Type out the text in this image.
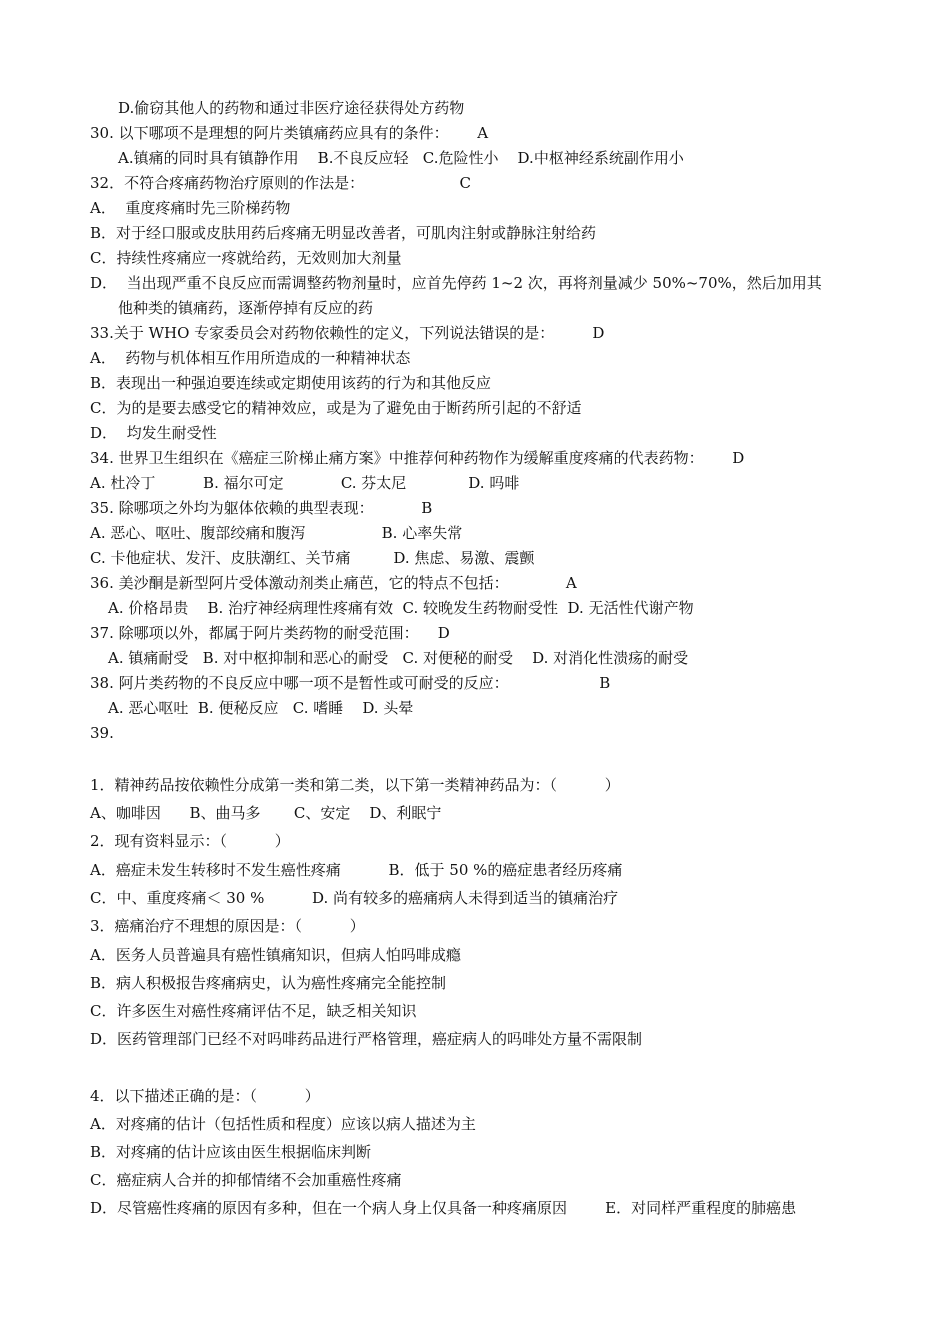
D.偷窃其他人的药物和通过非医疗途径获得处方药物
30. 以下哪项不是理想的阿片类镇痛药应具有的条件：      A
A.镇痛的同时具有镇静作用    B.不良反应轻   C.危险性小    D.中枢神经系统副作用小
32．不符合疼痛药物治疗原则的作法是：                    C
A．  重度疼痛时先三阶梯药物
B．对于经口服或皮肤用药后疼痛无明显改善者，可肌肉注射或静脉注射给药
C．持续性疼痛应一疼就给药，无效则加大剂量
D．  当出现严重不良反应而需调整药物剂量时，应首先停药 1~2 次，再将剂量减少 50%~70%，然后加用其
他种类的镇痛药，逐渐停掉有反应的药
33.关于 WHO 专家委员会对药物依赖性的定义，下列说法错误的是：        D
A．  药物与机体相互作用所造成的一种精神状态
B．表现出一种强迫要连续或定期使用该药的行为和其他反应
C．为的是要去感受它的精神效应，或是为了避免由于断药所引起的不舒适
D．  均发生耐受性
34. 世界卫生组织在《癌症三阶梯止痛方案》中推荐何种药物作为缓解重度疼痛的代表药物：      D
A. 杜冷丁          B. 福尔可定            C. 芬太尼             D. 吗啡
35. 除哪项之外均为躯体依赖的典型表现：          B
A. 恶心、呕吐、腹部绞痛和腹泻                B. 心率失常
C. 卡他症状、发汗、皮肤潮红、关节痛         D. 焦虑、易激、震颤
36. 美沙酮是新型阿片受体激动剂类止痛芭，它的特点不包括：            A
A. 价格昂贵    B. 治疗神经病理性疼痛有效  C. 较晚发生药物耐受性  D. 无活性代谢产物
37. 除哪项以外，都属于阿片类药物的耐受范围：    D
A. 镇痛耐受   B. 对中枢抑制和恶心的耐受   C. 对便秘的耐受    D. 对消化性溃疡的耐受
38. 阿片类药物的不良反应中哪一项不是暂性或可耐受的反应：                   B
A. 恶心呕吐  B. 便秘反应   C. 嗜睡    D. 头晕
39.
1．精神药品按依赖性分成第一类和第二类，以下第一类精神药品为：（          ）
A、咖啡因      B、曲马多       C、安定    D、利眠宁
2．现有资料显示：（          ）
A．癌症未发生转移时不发生癌性疼痛          B．低于 50 %的癌症患者经历疼痛
C．中、重度疼痛＜ 30 %          D. 尚有较多的癌痛病人未得到适当的镇痛治疗
3．癌痛治疗不理想的原因是：（          ）
A．医务人员普遍具有癌性镇痛知识，但病人怕吗啡成瘾
B．病人积极报告疼痛病史，认为癌性疼痛完全能控制
C．许多医生对癌性疼痛评估不足，缺乏相关知识
D．医药管理部门已经不对吗啡药品进行严格管理，癌症病人的吗啡处方量不需限制
4．以下描述正确的是：（          ）
A．对疼痛的估计（包括性质和程度）应该以病人描述为主
B．对疼痛的估计应该由医生根据临床判断
C．癌症病人合并的抑郁情绪不会加重癌性疼痛
D．尽管癌性疼痛的原因有多种，但在一个病人身上仅具备一种疼痛原因        E．对同样严重程度的肺癌患
